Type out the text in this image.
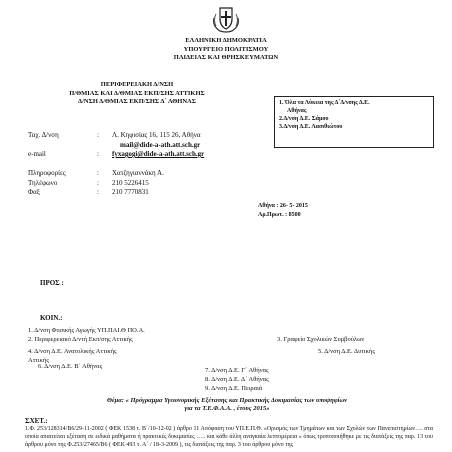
ΕΛΛΗΝΙΚΗ ΔΗΜΟΚΡΑΤΙΑ
ΥΠΟΥΡΓΕΙΟ ΠΟΛΙΤΙΣΜΟΥ
ΠΑΙΔΕΙΑΣ ΚΑΙ ΘΡΗΣΚΕΥΜΑΤΩΝ
ΠΕΡΙΦΕΡΕΙΑΚΗ Δ/ΝΣΗ
Π/ΘΜΙΑΣ ΚΑΙ Δ/ΘΜΙΑΣ ΕΚΠ/ΣΗΣ ΑΤΤΙΚΗΣ
Δ/ΝΣΗ Δ/ΘΜΙΑΣ ΕΚΠ/ΣΗΣ Δ΄ ΑΘΗΝΑΣ	1. Όλα τα Λύκεια της Δ΄Δ/νσης Δ.Ε.
Αθήνας
2.Δ/νση Δ.Ε. Σάμου
3.Δ/νση Δ.Ε. Λασιθιώτου
Ταχ. Δ/νση	: Λ. Κηφισίας 16, 115 26, Αθήνα
mail@dide-a-ath.att.sch.gr
e-mail	: fyxagogi@dide-a-ath.att.sch.gr
Πληροφορίες	: Χατζηγιαννάκη Α.
Τηλέφωνο	: 210 5226415
Φαξ	: 210 7770831
Αθήνα : 26- 5- 2015
Αρ.Πρωτ. : 8500
ΠΡΟΣ :
ΚΟΙΝ.:
1. Δ/νση Φυσικής Αγωγής ΥΠ.ΠΑΙ.Θ ΠΟ.Α.
2. Περιφερειακό Δ/ντή Εκπ/σης Αττικής	3. Γραφείο Σχολικών Συμβούλων
4. Δ/νση Δ.Ε. Ανατολικής Αττικής	5. Δ/νση Δ.Ε. Δυτικής
Αττικής
6. Δ/νση Δ.Ε. Β΄ Αθήνας
7. Δ/νση Δ.Ε. Γ΄ Αθήνας
8. Δ/νση Δ.Ε. Δ΄ Αθήνας
9. Δ/νση Δ.Ε. Πειραιά
Θέμα: « Πρόγραμμα Υγειονομικής Εξέτασης και Πρακτικής Δοκιμασίας των υποψηφίων
για τα Τ.Ε.Φ.Α.Α. , έτους 2015»
ΣΧΕΤ.:
1.Φ. 253/128314/Β6/29-11-2002 ( ΦΕΚ 1538 τ. Β΄/10-12-02 ) άρθρο 11 Απόφαση του ΥΠ.Ε.Π.Θ. «Ορισμός των Τμημάτων και των Σχολών των Πανεπιστημίων…. στα οποία απαιτείται εξέταση σε ειδικά μαθήματα ή πρακτικές δοκιμασίες ….. και κάθε άλλη αναγκαία λεπτομέρεια » όπως τροποποιήθηκε με τις διατάξεις της παρ. 13 του άρθρου μόνο της Φ.253/27465/Β6 ( ΦΕΚ 493 τ. Α΄ / 18-3-2009 ), τις διατάξεις της παρ. 3 του άρθρου μόνο της
